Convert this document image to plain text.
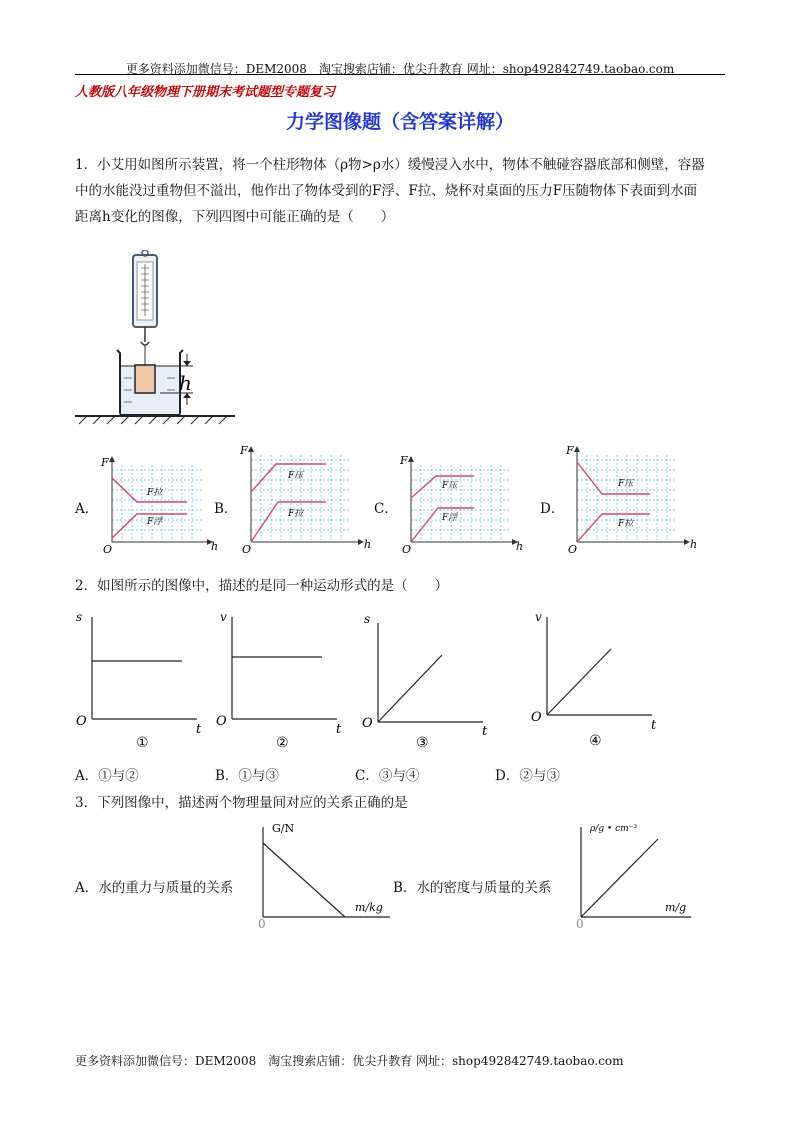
更多资料添加微信号：DEM2008　淘宝搜索店铺：优尖升教育 网址：shop492842749.taobao.com
人教版八年级物理下册期末考试题型专题复习
力学图像题（含答案详解）
1．小艾用如图所示装置，将一个柱形物体（ρ物>ρ水）缓慢浸入水中，物体不触碰容器底部和侧壁，容器
中的水能没过重物但不溢出，他作出了物体受到的F浮、F拉、烧杯对桌面的压力F压随物体下表面到水面
距离h变化的图像，下列四图中可能正确的是（　　）
h
A．
F
h
O
F拉
F浮
B．
F
h
O
F压
F拉	C．
F
h
O
F压
F浮
D．
F
h
O
F压
F拉
2．如图所示的图像中，描述的是同一种运动形式的是（　　）
s
t
O
①
v
t
O
②
s
t
O
③
v
t
O
④
A．①与②	B．①与③	C．③与④	D．②与③
3．下列图像中，描述两个物理量间对应的关系正确的是
A．水的重力与质量的关系	B．水的密度与质量的关系
G/N
m/kg
0
ρ/g • cm⁻³
m/g
0
更多资料添加微信号：DEM2008　淘宝搜索店铺：优尖升教育 网址：shop492842749.taobao.com
